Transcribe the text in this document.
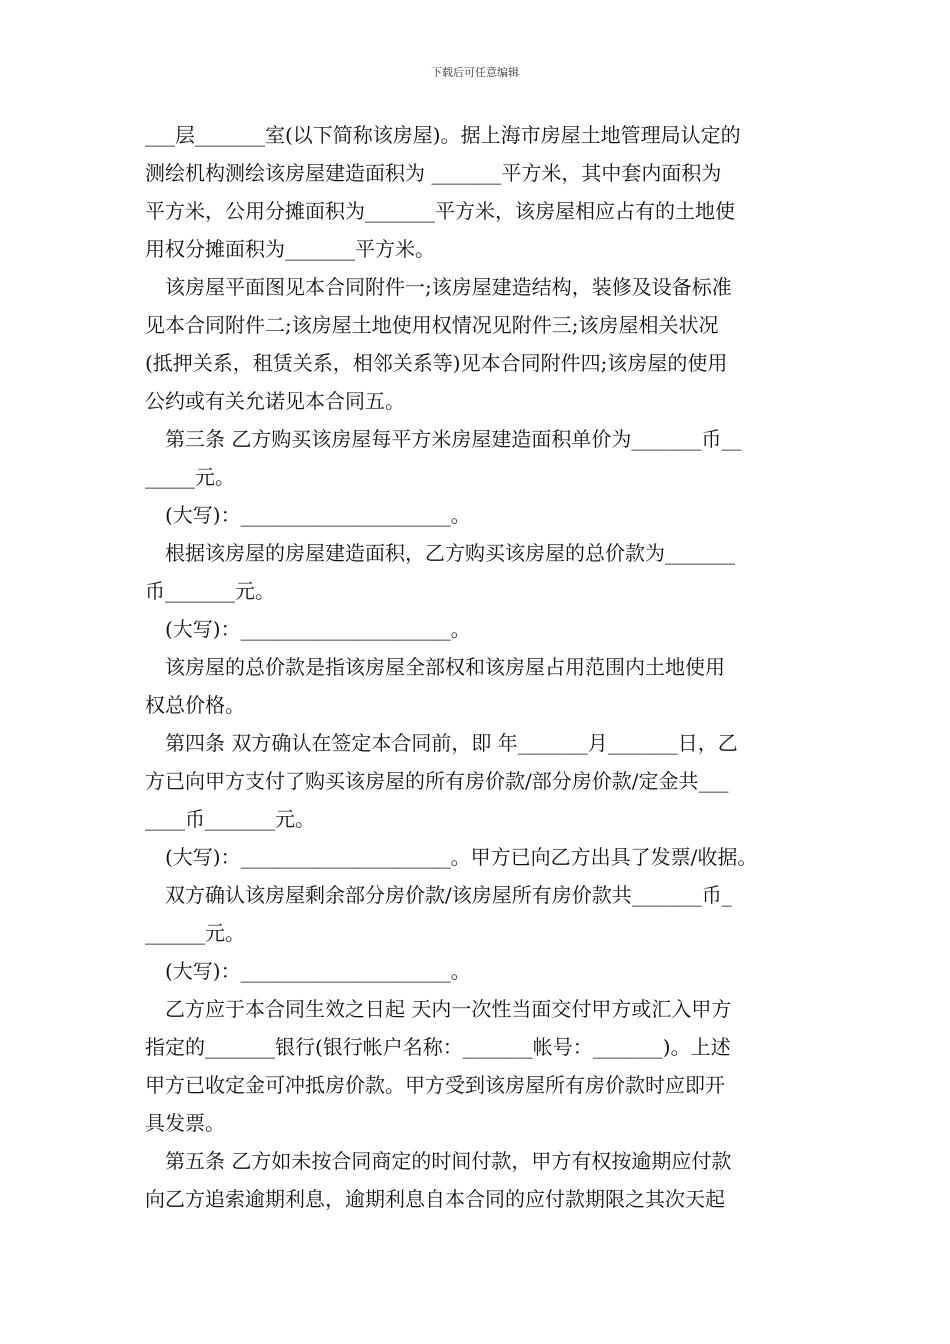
下载后可任意编辑
___层_______室(以下简称该房屋)。据上海市房屋土地管理局认定的
测绘机构测绘该房屋建造面积为 _______平方米，其中套内面积为
平方米，公用分摊面积为_______平方米，该房屋相应占有的土地使
用权分摊面积为_______平方米。
该房屋平面图见本合同附件一;该房屋建造结构，装修及设备标准
见本合同附件二;该房屋土地使用权情况见附件三;该房屋相关状况
(抵押关系，租赁关系，相邻关系等)见本合同附件四;该房屋的使用
公约或有关允诺见本合同五。
第三条 乙方购买该房屋每平方米房屋建造面积单价为_______币__
_____元。
(大写)：_____________________。
根据该房屋的房屋建造面积，乙方购买该房屋的总价款为_______
币_______元。
(大写)：_____________________。
该房屋的总价款是指该房屋全部权和该房屋占用范围内土地使用
权总价格。
第四条 双方确认在签定本合同前，即 年_______月_______日，乙
方已向甲方支付了购买该房屋的所有房价款/部分房价款/定金共___
____币_______元。
(大写)：_____________________。甲方已向乙方出具了发票/收据。
双方确认该房屋剩余部分房价款/该房屋所有房价款共_______币_
______元。
(大写)：_____________________。
乙方应于本合同生效之日起 天内一次性当面交付甲方或汇入甲方
指定的_______银行(银行帐户名称：_______帐号：_______)。上述
甲方已收定金可冲抵房价款。甲方受到该房屋所有房价款时应即开
具发票。
第五条 乙方如未按合同商定的时间付款，甲方有权按逾期应付款
向乙方追索逾期利息，逾期利息自本合同的应付款期限之其次天起
